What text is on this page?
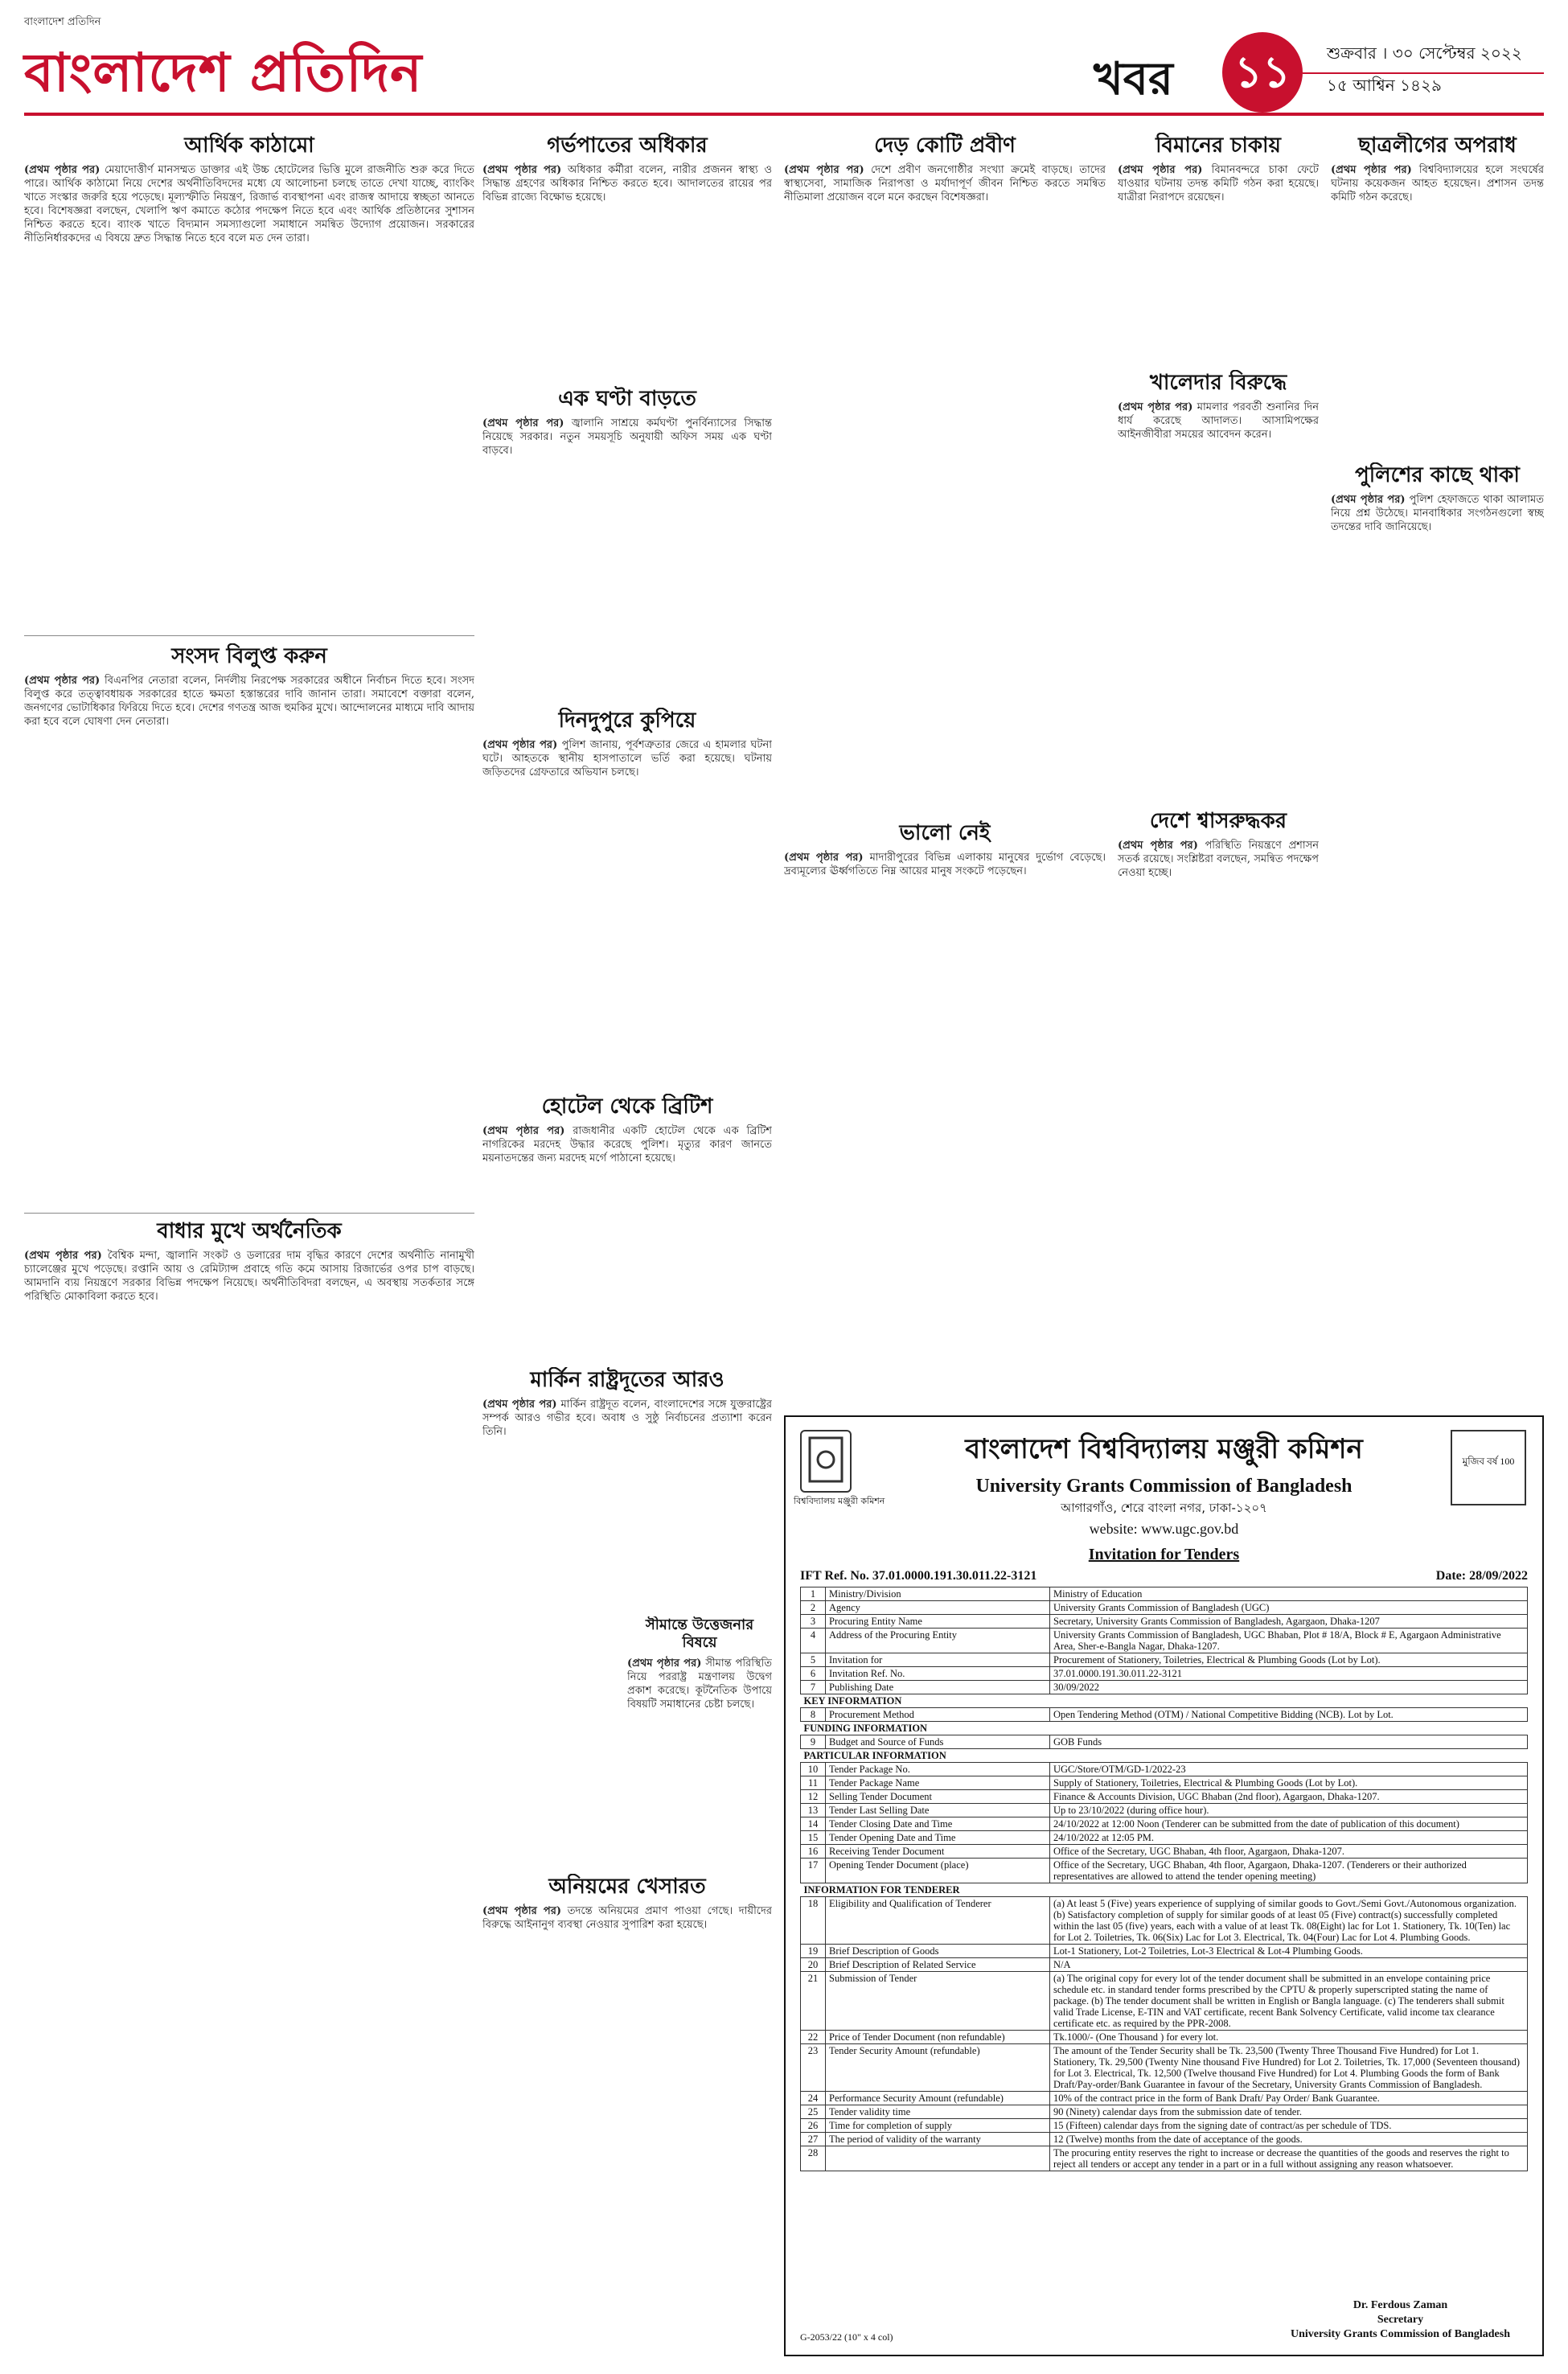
বাংলাদেশ প্রতিদিন
বাংলাদেশ প্রতিদিন	খবর ১১	শুক্রবার । ৩০ সেপ্টেম্বর ২০২২
১৫ আশ্বিন ১৪২৯
আর্থিক কাঠামো
(প্রথম পৃষ্ঠার পর) মেয়াদোত্তীর্ণ মানসম্মত ডাক্তার এই উচ্চ হোটেলের ভিত্তি মুলে রাজনীতি শুরু করে দিতে পারে। আর্থিক কাঠামো নিয়ে দেশের অর্থনীতিবিদদের মধ্যে যে আলোচনা চলছে তাতে দেখা যাচ্ছে, ব্যাংকিং খাতে সংস্কার জরুরি হয়ে পড়েছে। মূল্যস্ফীতি নিয়ন্ত্রণ, রিজার্ভ ব্যবস্থাপনা এবং রাজস্ব আদায়ে স্বচ্ছতা আনতে হবে। বিশেষজ্ঞরা বলছেন, খেলাপি ঋণ কমাতে কঠোর পদক্ষেপ নিতে হবে এবং আর্থিক প্রতিষ্ঠানের সুশাসন নিশ্চিত করতে হবে। ব্যাংক খাতে বিদ্যমান সমস্যাগুলো সমাধানে সমন্বিত উদ্যোগ প্রয়োজন। সরকারের নীতিনির্ধারকদের এ বিষয়ে দ্রুত সিদ্ধান্ত নিতে হবে বলে মত দেন তারা।
সংসদ বিলুপ্ত করুন
(প্রথম পৃষ্ঠার পর) বিএনপির নেতারা বলেন, নির্দলীয় নিরপেক্ষ সরকারের অধীনে নির্বাচন দিতে হবে। সংসদ বিলুপ্ত করে তত্ত্বাবধায়ক সরকারের হাতে ক্ষমতা হস্তান্তরের দাবি জানান তারা। সমাবেশে বক্তারা বলেন, জনগণের ভোটাধিকার ফিরিয়ে দিতে হবে। দেশের গণতন্ত্র আজ হুমকির মুখে। আন্দোলনের মাধ্যমে দাবি আদায় করা হবে বলে ঘোষণা দেন নেতারা।
বাধার মুখে অর্থনৈতিক
(প্রথম পৃষ্ঠার পর) বৈশ্বিক মন্দা, জ্বালানি সংকট ও ডলারের দাম বৃদ্ধির কারণে দেশের অর্থনীতি নানামুখী চ্যালেঞ্জের মুখে পড়েছে। রপ্তানি আয় ও রেমিট্যান্স প্রবাহে গতি কমে আসায় রিজার্ভের ওপর চাপ বাড়ছে। আমদানি ব্যয় নিয়ন্ত্রণে সরকার বিভিন্ন পদক্ষেপ নিয়েছে। অর্থনীতিবিদরা বলছেন, এ অবস্থায় সতর্কতার সঙ্গে পরিস্থিতি মোকাবিলা করতে হবে।
গর্ভপাতের অধিকার
(প্রথম পৃষ্ঠার পর) অধিকার কর্মীরা বলেন, নারীর প্রজনন স্বাস্থ্য ও সিদ্ধান্ত গ্রহণের অধিকার নিশ্চিত করতে হবে। আদালতের রায়ের পর বিভিন্ন রাজ্যে বিক্ষোভ হয়েছে।
এক ঘণ্টা বাড়তে
(প্রথম পৃষ্ঠার পর) জ্বালানি সাশ্রয়ে কর্মঘণ্টা পুনর্বিন্যাসের সিদ্ধান্ত নিয়েছে সরকার। নতুন সময়সূচি অনুযায়ী অফিস সময় এক ঘণ্টা বাড়বে।
দিনদুপুরে কুপিয়ে
(প্রথম পৃষ্ঠার পর) পুলিশ জানায়, পূর্বশত্রুতার জেরে এ হামলার ঘটনা ঘটে। আহতকে স্থানীয় হাসপাতালে ভর্তি করা হয়েছে। ঘটনায় জড়িতদের গ্রেফতারে অভিযান চলছে।
হোটেল থেকে ব্রিটিশ
(প্রথম পৃষ্ঠার পর) রাজধানীর একটি হোটেল থেকে এক ব্রিটিশ নাগরিকের মরদেহ উদ্ধার করেছে পুলিশ। মৃত্যুর কারণ জানতে ময়নাতদন্তের জন্য মরদেহ মর্গে পাঠানো হয়েছে।
মার্কিন রাষ্ট্রদূতের আরও
(প্রথম পৃষ্ঠার পর) মার্কিন রাষ্ট্রদূত বলেন, বাংলাদেশের সঙ্গে যুক্তরাষ্ট্রের সম্পর্ক আরও গভীর হবে। অবাধ ও সুষ্ঠু নির্বাচনের প্রত্যাশা করেন তিনি।
সীমান্তে উত্তেজনার বিষয়ে
(প্রথম পৃষ্ঠার পর) সীমান্ত পরিস্থিতি নিয়ে পররাষ্ট্র মন্ত্রণালয় উদ্বেগ প্রকাশ করেছে। কূটনৈতিক উপায়ে বিষয়টি সমাধানের চেষ্টা চলছে।
অনিয়মের খেসারত
(প্রথম পৃষ্ঠার পর) তদন্তে অনিয়মের প্রমাণ পাওয়া গেছে। দায়ীদের বিরুদ্ধে আইনানুগ ব্যবস্থা নেওয়ার সুপারিশ করা হয়েছে।
দেড় কোটি প্রবীণ
(প্রথম পৃষ্ঠার পর) দেশে প্রবীণ জনগোষ্ঠীর সংখ্যা ক্রমেই বাড়ছে। তাদের স্বাস্থ্যসেবা, সামাজিক নিরাপত্তা ও মর্যাদাপূর্ণ জীবন নিশ্চিত করতে সমন্বিত নীতিমালা প্রয়োজন বলে মনে করছেন বিশেষজ্ঞরা।
ভালো নেই
(প্রথম পৃষ্ঠার পর) মাদারীপুরের বিভিন্ন এলাকায় মানুষের দুর্ভোগ বেড়েছে। দ্রব্যমূল্যের ঊর্ধ্বগতিতে নিম্ন আয়ের মানুষ সংকটে পড়েছেন।
বিমানের চাকায়
(প্রথম পৃষ্ঠার পর) বিমানবন্দরে চাকা ফেটে যাওয়ার ঘটনায় তদন্ত কমিটি গঠন করা হয়েছে। যাত্রীরা নিরাপদে রয়েছেন।
খালেদার বিরুদ্ধে
(প্রথম পৃষ্ঠার পর) মামলার পরবর্তী শুনানির দিন ধার্য করেছে আদালত। আসামিপক্ষের আইনজীবীরা সময়ের আবেদন করেন।
দেশে শ্বাসরুদ্ধকর
(প্রথম পৃষ্ঠার পর) পরিস্থিতি নিয়ন্ত্রণে প্রশাসন সতর্ক রয়েছে। সংশ্লিষ্টরা বলছেন, সমন্বিত পদক্ষেপ নেওয়া হচ্ছে।
ছাত্রলীগের অপরাধ
(প্রথম পৃষ্ঠার পর) বিশ্ববিদ্যালয়ের হলে সংঘর্ষের ঘটনায় কয়েকজন আহত হয়েছেন। প্রশাসন তদন্ত কমিটি গঠন করেছে।
পুলিশের কাছে থাকা
(প্রথম পৃষ্ঠার পর) পুলিশ হেফাজতে থাকা আলামত নিয়ে প্রশ্ন উঠেছে। মানবাধিকার সংগঠনগুলো স্বচ্ছ তদন্তের দাবি জানিয়েছে।
বিশ্ববিদ্যালয় মঞ্জুরী কমিশন
মুজিব বর্ষ 100
বাংলাদেশ বিশ্ববিদ্যালয় মঞ্জুরী কমিশন
University Grants Commission of Bangladesh
আগারগাঁও, শেরে বাংলা নগর, ঢাকা-১২০৭
website: www.ugc.gov.bd
Invitation for Tenders
IFT Ref. No. 37.01.0000.191.30.011.22-3121	Date: 28/09/2022
1	Ministry/Division	Ministry of Education
2	Agency	University Grants Commission of Bangladesh (UGC)
3	Procuring Entity Name	Secretary, University Grants Commission of Bangladesh, Agargaon, Dhaka-1207
4	Address of the Procuring Entity	University Grants Commission of Bangladesh, UGC Bhaban, Plot # 18/A, Block # E, Agargaon Administrative Area, Sher-e-Bangla Nagar, Dhaka-1207.
5	Invitation for	Procurement of Stationery, Toiletries, Electrical & Plumbing Goods (Lot by Lot).
6	Invitation Ref. No.	37.01.0000.191.30.011.22-3121
7	Publishing Date	30/09/2022
KEY INFORMATION		
8	Procurement Method	Open Tendering Method (OTM) / National Competitive Bidding (NCB). Lot by Lot.
FUNDING INFORMATION		
9	Budget and Source of Funds	GOB Funds
PARTICULAR INFORMATION		
10	Tender Package No.	UGC/Store/OTM/GD-1/2022-23
11	Tender Package Name	Supply of Stationery, Toiletries, Electrical & Plumbing Goods (Lot by Lot).
12	Selling Tender Document	Finance & Accounts Division, UGC Bhaban (2nd floor), Agargaon, Dhaka-1207.
13	Tender Last Selling Date	Up to 23/10/2022 (during office hour).
14	Tender Closing Date and Time	24/10/2022 at 12:00 Noon (Tenderer can be submitted from the date of publication of this document)
15	Tender Opening Date and Time	24/10/2022 at 12:05 PM.
16	Receiving Tender Document	Office of the Secretary, UGC Bhaban, 4th floor, Agargaon, Dhaka-1207.
17	Opening Tender Document (place)	Office of the Secretary, UGC Bhaban, 4th floor, Agargaon, Dhaka-1207. (Tenderers or their authorized representatives are allowed to attend the tender opening meeting)
INFORMATION FOR TENDERER		
18	Eligibility and Qualification of Tenderer	(a) At least 5 (Five) years experience of supplying of similar goods to Govt./Semi Govt./Autonomous organization. (b) Satisfactory completion of supply for similar goods of at least 05 (Five) contract(s) successfully completed within the last 05 (five) years, each with a value of at least Tk. 08(Eight) lac for Lot 1. Stationery, Tk. 10(Ten) lac for Lot 2. Toiletries, Tk. 06(Six) Lac for Lot 3. Electrical, Tk. 04(Four) Lac for Lot 4. Plumbing Goods.
19	Brief Description of Goods	Lot-1 Stationery, Lot-2 Toiletries, Lot-3 Electrical & Lot-4 Plumbing Goods.
20	Brief Description of Related Service	N/A
21	Submission of Tender	(a) The original copy for every lot of the tender document shall be submitted in an envelope containing price schedule etc. in standard tender forms prescribed by the CPTU & properly superscripted stating the name of package. (b) The tender document shall be written in English or Bangla language. (c) The tenderers shall submit valid Trade License, E-TIN and VAT certificate, recent Bank Solvency Certificate, valid income tax clearance certificate etc. as required by the PPR-2008.
22	Price of Tender Document (non refundable)	Tk.1000/- (One Thousand ) for every lot.
23	Tender Security Amount (refundable)	The amount of the Tender Security shall be Tk. 23,500 (Twenty Three Thousand Five Hundred) for Lot 1. Stationery, Tk. 29,500 (Twenty Nine thousand Five Hundred) for Lot 2. Toiletries, Tk. 17,000 (Seventeen thousand) for Lot 3. Electrical, Tk. 12,500 (Twelve thousand Five Hundred) for Lot 4. Plumbing Goods the form of Bank Draft/Pay-order/Bank Guarantee in favour of the Secretary, University Grants Commission of Bangladesh.
24	Performance Security Amount (refundable)	10% of the contract price in the form of Bank Draft/ Pay Order/ Bank Guarantee.
25	Tender validity time	90 (Ninety) calendar days from the submission date of tender.
26	Time for completion of supply	15 (Fifteen) calendar days from the signing date of contract/as per schedule of TDS.
27	The period of validity of the warranty	12 (Twelve) months from the date of acceptance of the goods.
28		The procuring entity reserves the right to increase or decrease the quantities of the goods and reserves the right to reject all tenders or accept any tender in a part or in a full without assigning any reason whatsoever.
Dr. Ferdous Zaman
Secretary
University Grants Commission of Bangladesh
G-2053/22 (10" x 4 col)
